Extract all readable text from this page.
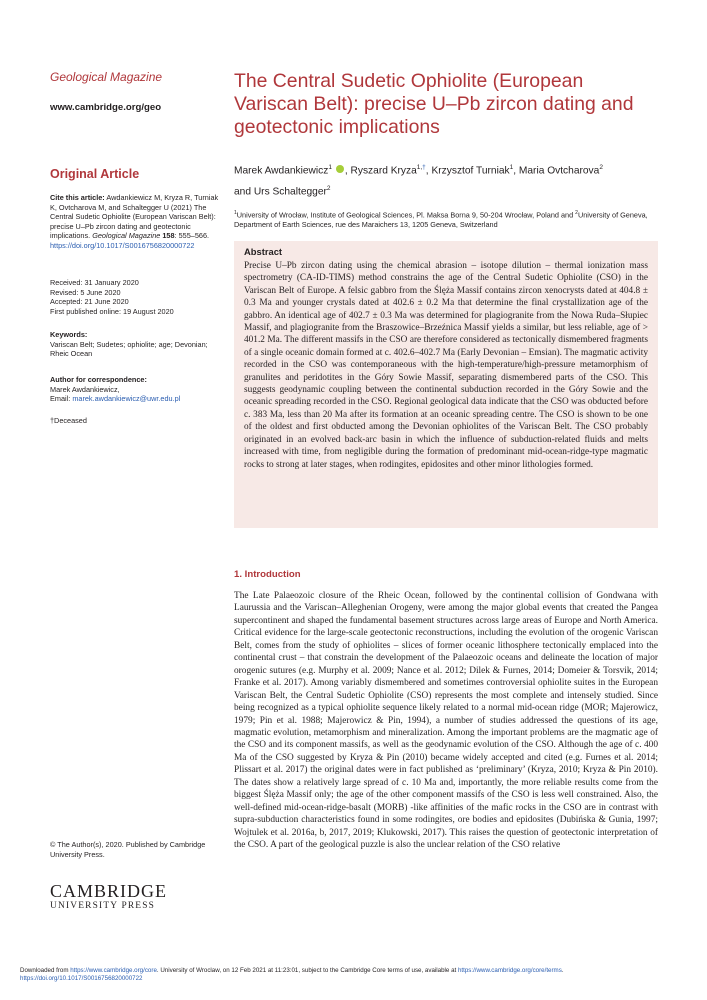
Geological Magazine
www.cambridge.org/geo
Original Article
Cite this article: Awdankiewicz M, Kryza R, Turniak K, Ovtcharova M, and Schaltegger U (2021) The Central Sudetic Ophiolite (European Variscan Belt): precise U–Pb zircon dating and geotectonic implications. Geological Magazine 158: 555–566. https://doi.org/10.1017/S0016756820000722
Received: 31 January 2020
Revised: 5 June 2020
Accepted: 21 June 2020
First published online: 19 August 2020
Keywords:
Variscan Belt; Sudetes; ophiolite; age; Devonian; Rheic Ocean
Author for correspondence:
Marek Awdankiewicz,
Email: marek.awdankiewicz@uwr.edu.pl
†Deceased
© The Author(s), 2020. Published by Cambridge University Press.
CAMBRIDGE
UNIVERSITY PRESS
The Central Sudetic Ophiolite (European Variscan Belt): precise U–Pb zircon dating and geotectonic implications
Marek Awdankiewicz$^1$ , Ryszard Kryza$^{1,\dagger}$, Krzysztof Turniak$^1$, Maria Ovtcharova$^2$
and Urs Schaltegger$^2$
$^1$University of Wrocław, Institute of Geological Sciences, Pl. Maksa Borna 9, 50-204 Wrocław, Poland and $^2$University of Geneva, Department of Earth Sciences, rue des Maraichers 13, 1205 Geneva, Switzerland
Abstract

Precise U–Pb zircon dating using the chemical abrasion – isotope dilution – thermal ionization mass spectrometry (CA-ID-TIMS) method constrains the age of the Central Sudetic Ophiolite (CSO) in the Variscan Belt of Europe. A felsic gabbro from the Ślęża Massif contains zircon xenocrysts dated at 404.8 ± 0.3 Ma and younger crystals dated at 402.6 ± 0.2 Ma that determine the final crystallization age of the gabbro. An identical age of 402.7 ± 0.3 Ma was determined for plagiogranite from the Nowa Ruda–Słupiec Massif, and plagiogranite from the Braszowice–Brzeźnica Massif yields a similar, but less reliable, age of > 401.2 Ma. The different massifs in the CSO are therefore considered as tectonically dismembered fragments of a single oceanic domain formed at c. 402.6–402.7 Ma (Early Devonian – Emsian). The magmatic activity recorded in the CSO was contemporaneous with the high-temperature/high-pressure metamorphism of granulites and peridotites in the Góry Sowie Massif, separating dismembered parts of the CSO. This suggests geodynamic coupling between the continental subduction recorded in the Góry Sowie and the oceanic spreading recorded in the CSO. Regional geological data indicate that the CSO was obducted before c. 383 Ma, less than 20 Ma after its formation at an oceanic spreading centre. The CSO is shown to be one of the oldest and first obducted among the Devonian ophiolites of the Variscan Belt. The CSO probably originated in an evolved back-arc basin in which the influence of subduction-related fluids and melts increased with time, from negligible during the formation of predominant mid-ocean-ridge-type magmatic rocks to strong at later stages, when rodingites, epidosites and other minor lithologies formed.

1. Introduction

The Late Palaeozoic closure of the Rheic Ocean, followed by the continental collision of Gondwana with Laurussia and the Variscan–Alleghenian Orogeny, were among the major global events that created the Pangea supercontinent and shaped the fundamental basement structures across large areas of Europe and North America. Critical evidence for the large-scale geotectonic reconstructions, including the evolution of the orogenic Variscan Belt, comes from the study of ophiolites – slices of former oceanic lithosphere tectonically emplaced into the continental crust – that constrain the development of the Palaeozoic oceans and delineate the location of major orogenic sutures (e.g. Murphy et al. 2009; Nance et al. 2012; Dilek & Furnes, 2014; Domeier & Torsvik, 2014; Franke et al. 2017). Among variably dismembered and sometimes controversial ophiolite suites in the European Variscan Belt, the Central Sudetic Ophiolite (CSO) represents the most complete and intensely studied. Since being recognized as a typical ophiolite sequence likely related to a normal mid-ocean ridge (MOR; Majerowicz, 1979; Pin et al. 1988; Majerowicz & Pin, 1994), a number of studies addressed the questions of its age, magmatic evolution, metamorphism and mineralization. Among the important problems are the magmatic age of the CSO and its component massifs, as well as the geodynamic evolution of the CSO. Although the age of c. 400 Ma of the CSO suggested by Kryza & Pin (2010) became widely accepted and cited (e.g. Furnes et al. 2014; Plissart et al. 2017) the original dates were in fact published as ‘preliminary’ (Kryza, 2010; Kryza & Pin 2010). The dates show a relatively large spread of c. 10 Ma and, importantly, the more reliable results come from the biggest Ślęża Massif only; the age of the other component massifs of the CSO is less well constrained. Also, the well-defined mid-ocean-ridge-basalt (MORB) -like affinities of the mafic rocks in the CSO are in contrast with supra-subduction characteristics found in some rodingites, ore bodies and epidosites (Dubińska & Gunia, 1997; Wojtulek et al. 2016a, b, 2017, 2019; Klukowski, 2017). This raises the question of geotectonic interpretation of the CSO. A part of the geological puzzle is also the unclear relation of the CSO relative

Downloaded from https://www.cambridge.org/core. University of Wroclaw, on 12 Feb 2021 at 11:23:01, subject to the Cambridge Core terms of use, available at https://www.cambridge.org/core/terms.
https://doi.org/10.1017/S0016756820000722
